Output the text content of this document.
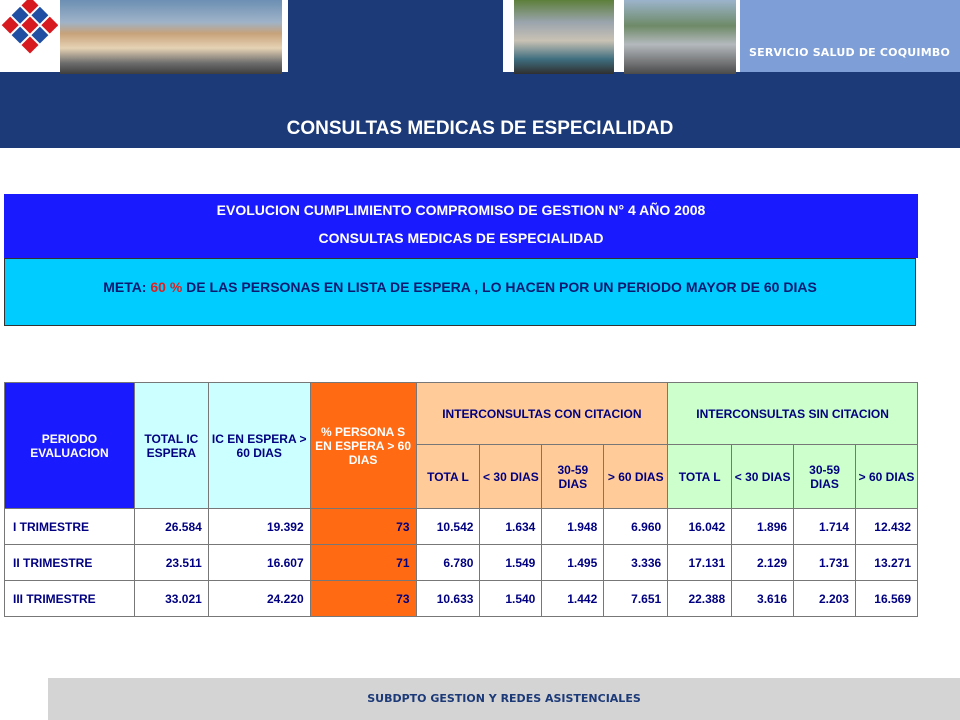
SERVICIO SALUD DE COQUIMBO
CONSULTAS MEDICAS DE ESPECIALIDAD
EVOLUCION CUMPLIMIENTO COMPROMISO DE GESTION N° 4 AÑO 2008
CONSULTAS MEDICAS DE ESPECIALIDAD
META: 60 % DE LAS PERSONAS EN LISTA DE ESPERA , LO HACEN POR UN PERIODO MAYOR DE 60 DIAS
PERIODO EVALUACION	TOTAL IC ESPERA	IC EN ESPERA > 60 DIAS	% PERSONA S EN ESPERA > 60 DIAS	INTERCONSULTAS CON CITACION				INTERCONSULTAS SIN CITACION			
				TOTA L	< 30 DIAS	30-59 DIAS	> 60 DIAS	TOTA L	< 30 DIAS	30-59 DIAS	> 60 DIAS
I TRIMESTRE	26.584	19.392	73	10.542	1.634	1.948	6.960	16.042	1.896	1.714	12.432
II TRIMESTRE	23.511	16.607	71	6.780	1.549	1.495	3.336	17.131	2.129	1.731	13.271
III TRIMESTRE	33.021	24.220	73	10.633	1.540	1.442	7.651	22.388	3.616	2.203	16.569
SUBDPTO GESTION Y REDES ASISTENCIALES
